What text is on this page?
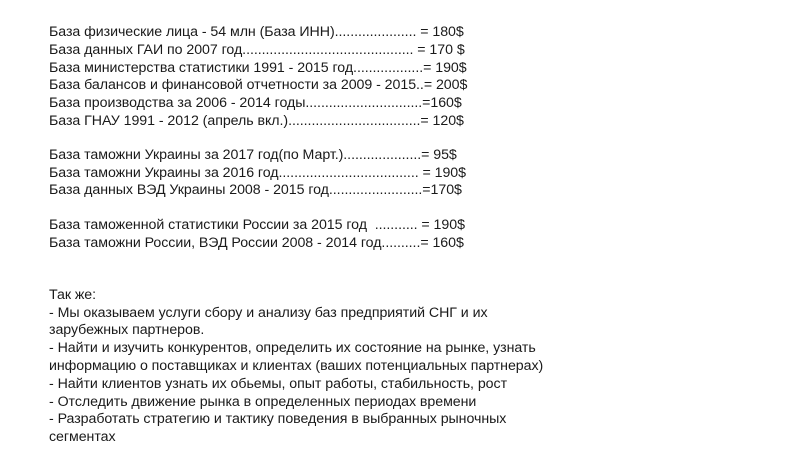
База физические лица - 54 млн (База ИНН)..................... = 180$
База данных ГАИ по 2007 год............................................ = 170 $
База министерства статистики 1991 - 2015 год..................= 190$
База балансов и финансовой отчетности за 2009 - 2015..= 200$
База производства за 2006 - 2014 годы..............................=160$
База ГНАУ 1991 - 2012 (апрель вкл.)..................................= 120$
База таможни Украины за 2017 год(по Март.)....................= 95$
База таможни Украины за 2016 год.................................... = 190$
База данных ВЭД Украины 2008 - 2015 год........................=170$
База таможенной статистики России за 2015 год  ........... = 190$
База таможни России, ВЭД России 2008 - 2014 год..........= 160$
Так же:
- Мы оказываем услуги сбору и анализу баз предприятий СНГ и их
зарубежных партнеров.
- Найти и изучить конкурентов, определить их состояние на рынке, узнать
информацию о поставщиках и клиентах (ваших потенциальных партнерах)
- Найти клиентов узнать их обьемы, опыт работы, стабильность, рост
- Отследить движение рынка в определенных периодах времени
- Разработать стратегию и тактику поведения в выбранных рыночных
сегментах
